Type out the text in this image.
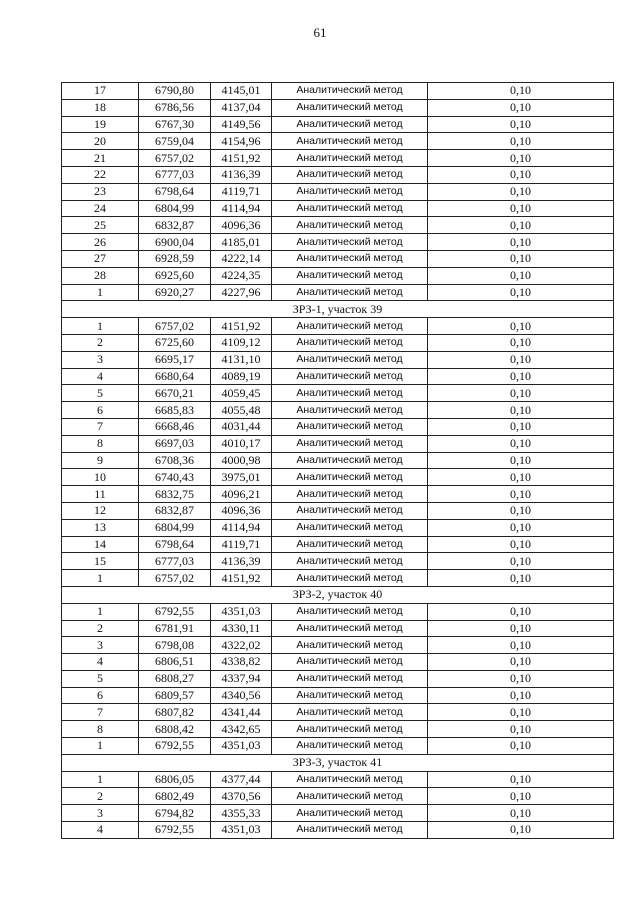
61
17	6790,80	4145,01	Аналитический метод	0,10
18	6786,56	4137,04	Аналитический метод	0,10
19	6767,30	4149,56	Аналитический метод	0,10
20	6759,04	4154,96	Аналитический метод	0,10
21	6757,02	4151,92	Аналитический метод	0,10
22	6777,03	4136,39	Аналитический метод	0,10
23	6798,64	4119,71	Аналитический метод	0,10
24	6804,99	4114,94	Аналитический метод	0,10
25	6832,87	4096,36	Аналитический метод	0,10
26	6900,04	4185,01	Аналитический метод	0,10
27	6928,59	4222,14	Аналитический метод	0,10
28	6925,60	4224,35	Аналитический метод	0,10
1	6920,27	4227,96	Аналитический метод	0,10
ЗРЗ-1, участок 39				
1	6757,02	4151,92	Аналитический метод	0,10
2	6725,60	4109,12	Аналитический метод	0,10
3	6695,17	4131,10	Аналитический метод	0,10
4	6680,64	4089,19	Аналитический метод	0,10
5	6670,21	4059,45	Аналитический метод	0,10
6	6685,83	4055,48	Аналитический метод	0,10
7	6668,46	4031,44	Аналитический метод	0,10
8	6697,03	4010,17	Аналитический метод	0,10
9	6708,36	4000,98	Аналитический метод	0,10
10	6740,43	3975,01	Аналитический метод	0,10
11	6832,75	4096,21	Аналитический метод	0,10
12	6832,87	4096,36	Аналитический метод	0,10
13	6804,99	4114,94	Аналитический метод	0,10
14	6798,64	4119,71	Аналитический метод	0,10
15	6777,03	4136,39	Аналитический метод	0,10
1	6757,02	4151,92	Аналитический метод	0,10
ЗРЗ-2, участок 40				
1	6792,55	4351,03	Аналитический метод	0,10
2	6781,91	4330,11	Аналитический метод	0,10
3	6798,08	4322,02	Аналитический метод	0,10
4	6806,51	4338,82	Аналитический метод	0,10
5	6808,27	4337,94	Аналитический метод	0,10
6	6809,57	4340,56	Аналитический метод	0,10
7	6807,82	4341,44	Аналитический метод	0,10
8	6808,42	4342,65	Аналитический метод	0,10
1	6792,55	4351,03	Аналитический метод	0,10
ЗРЗ-3, участок 41				
1	6806,05	4377,44	Аналитический метод	0,10
2	6802,49	4370,56	Аналитический метод	0,10
3	6794,82	4355,33	Аналитический метод	0,10
4	6792,55	4351,03	Аналитический метод	0,10
